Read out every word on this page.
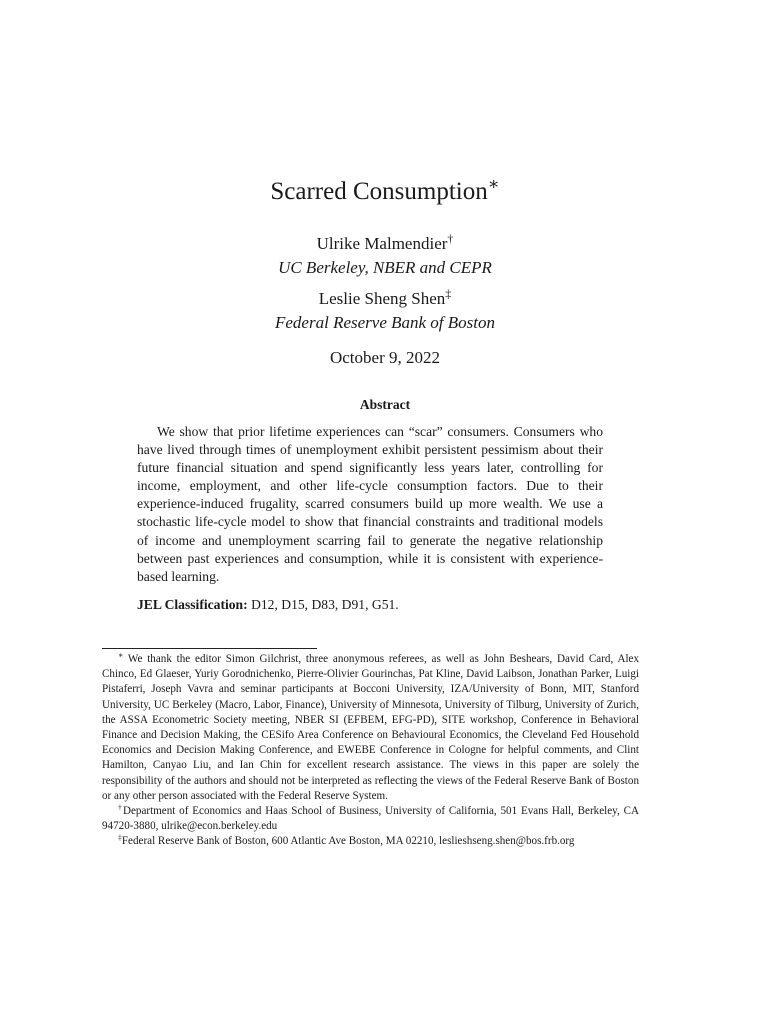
Scarred Consumption∗
Ulrike Malmendier†
UC Berkeley, NBER and CEPR
Leslie Sheng Shen‡
Federal Reserve Bank of Boston
October 9, 2022
Abstract
We show that prior lifetime experiences can “scar” consumers. Consumers who have lived through times of unemployment exhibit persistent pessimism about their future financial situation and spend significantly less years later, controlling for income, employment, and other life-cycle consumption factors. Due to their experience-induced frugality, scarred consumers build up more wealth. We use a stochastic life-cycle model to show that financial constraints and traditional models of income and unemployment scarring fail to generate the negative relationship between past experiences and consumption, while it is consistent with experience-based learning.
JEL Classification: D12, D15, D83, D91, G51.

∗ We thank the editor Simon Gilchrist, three anonymous referees, as well as John Beshears, David Card, Alex Chinco, Ed Glaeser, Yuriy Gorodnichenko, Pierre-Olivier Gourinchas, Pat Kline, David Laibson, Jonathan Parker, Luigi Pistaferri, Joseph Vavra and seminar participants at Bocconi University, IZA/University of Bonn, MIT, Stanford University, UC Berkeley (Macro, Labor, Finance), University of Minnesota, University of Tilburg, University of Zurich, the ASSA Econometric Society meeting, NBER SI (EFBEM, EFG-PD), SITE workshop, Conference in Behavioral Finance and Decision Making, the CESifo Area Conference on Behavioural Economics, the Cleveland Fed Household Economics and Decision Making Conference, and EWEBE Conference in Cologne for helpful comments, and Clint Hamilton, Canyao Liu, and Ian Chin for excellent research assistance. The views in this paper are solely the responsibility of the authors and should not be interpreted as reflecting the views of the Federal Reserve Bank of Boston or any other person associated with the Federal Reserve System.

†Department of Economics and Haas School of Business, University of California, 501 Evans Hall, Berkeley, CA 94720-3880, ulrike@econ.berkeley.edu

‡Federal Reserve Bank of Boston, 600 Atlantic Ave Boston, MA 02210, leslieshseng.shen@bos.frb.org
